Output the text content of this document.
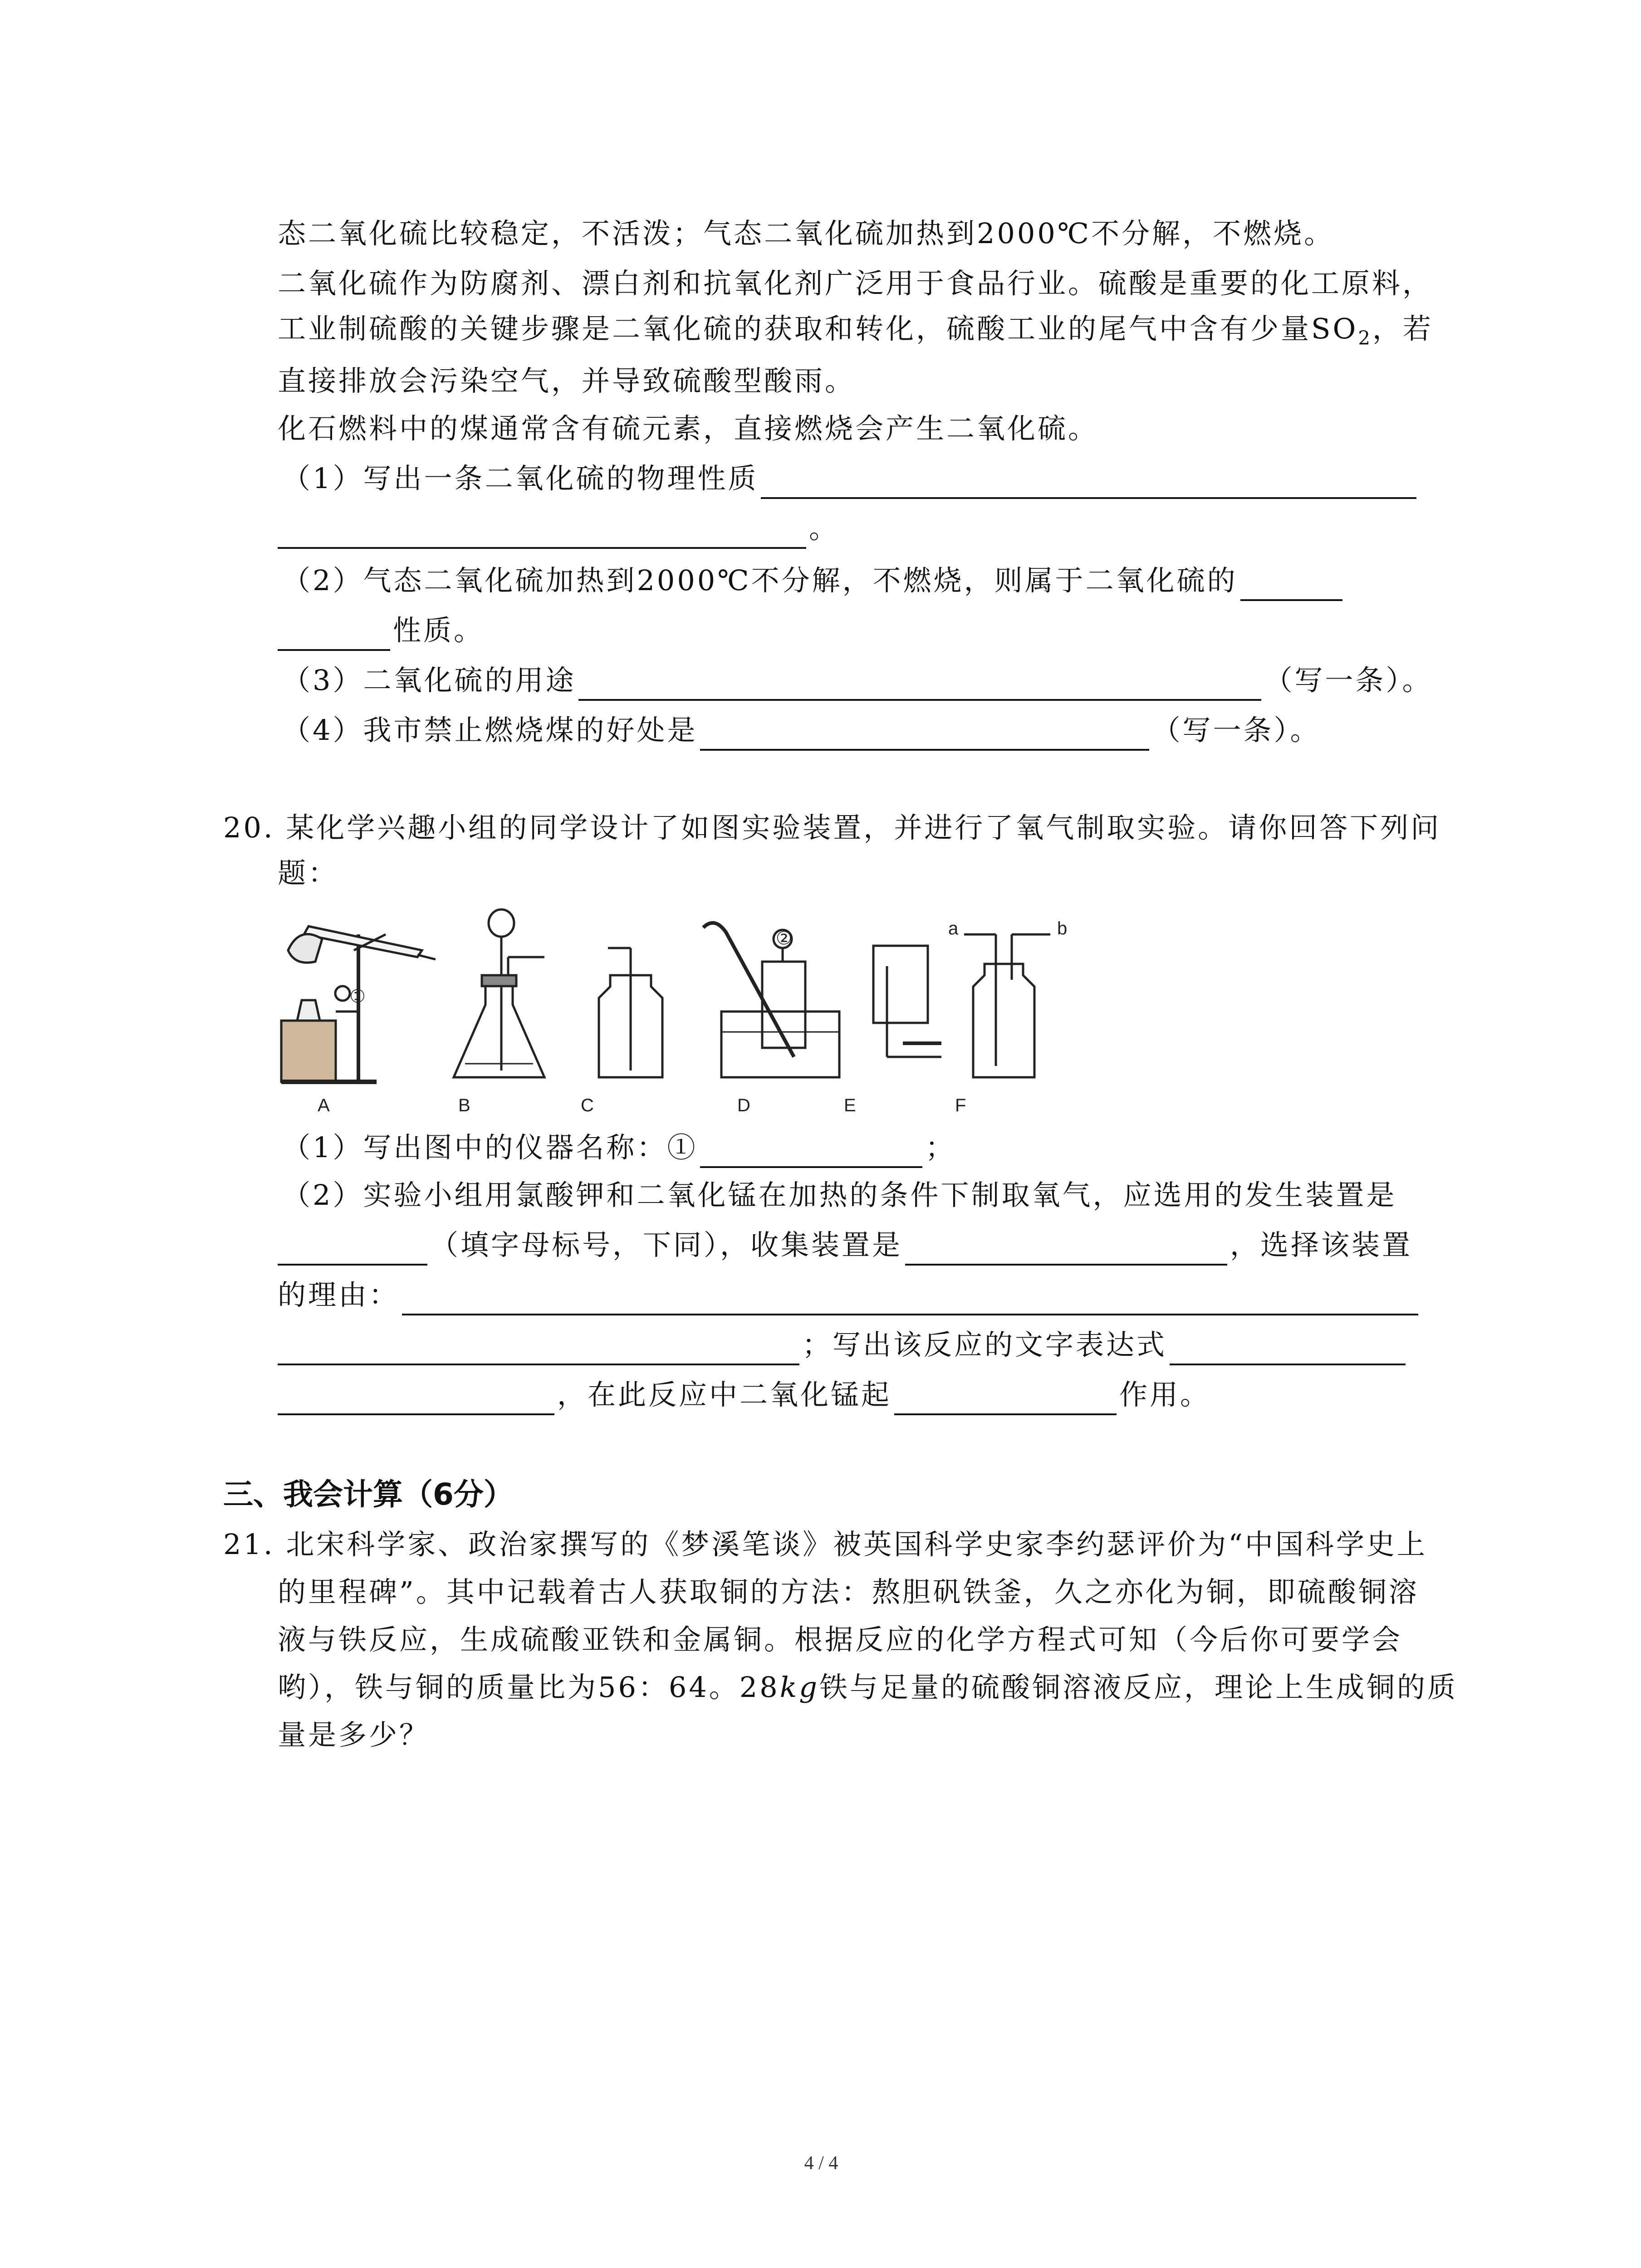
态二氧化硫比较稳定，不活泼；气态二氧化硫加热到2000℃不分解，不燃烧。
二氧化硫作为防腐剂、漂白剂和抗氧化剂广泛用于食品行业。硫酸是重要的化工原料，
工业制硫酸的关键步骤是二氧化硫的获取和转化，硫酸工业的尾气中含有少量$SO_2$，若
直接排放会污染空气，并导致硫酸型酸雨。
化石燃料中的煤通常含有硫元素，直接燃烧会产生二氧化硫。
（1）写出一条二氧化硫的物理性质
。
（2）气态二氧化硫加热到2000℃不分解，不燃烧，则属于二氧化硫的
性质。
（3）二氧化硫的用途	（写一条）。
（4）我市禁止燃烧煤的好处是	（写一条）。
20. 某化学兴趣小组的同学设计了如图实验装置，并进行了氧气制取实验。请你回答下列问
题：
①
②	a	b
A	B	C	D	E	F
（1）写出图中的仪器名称：①	；
（2）实验小组用氯酸钾和二氧化锰在加热的条件下制取氧气，应选用的发生装置是
（填字母标号，下同），收集装置是	，选择该装置
的理由：
；写出该反应的文字表达式
，在此反应中二氧化锰起	作用。
三、我会计算（6分）
21. 北宋科学家、政治家撰写的《梦溪笔谈》被英国科学史家李约瑟评价为“中国科学史上
的里程碑”。其中记载着古人获取铜的方法：熬胆矾铁釜，久之亦化为铜，即硫酸铜溶
液与铁反应，生成硫酸亚铁和金属铜。根据反应的化学方程式可知（今后你可要学会
哟），铁与铜的质量比为56：64。28kg铁与足量的硫酸铜溶液反应，理论上生成铜的质
量是多少？
4 / 4
